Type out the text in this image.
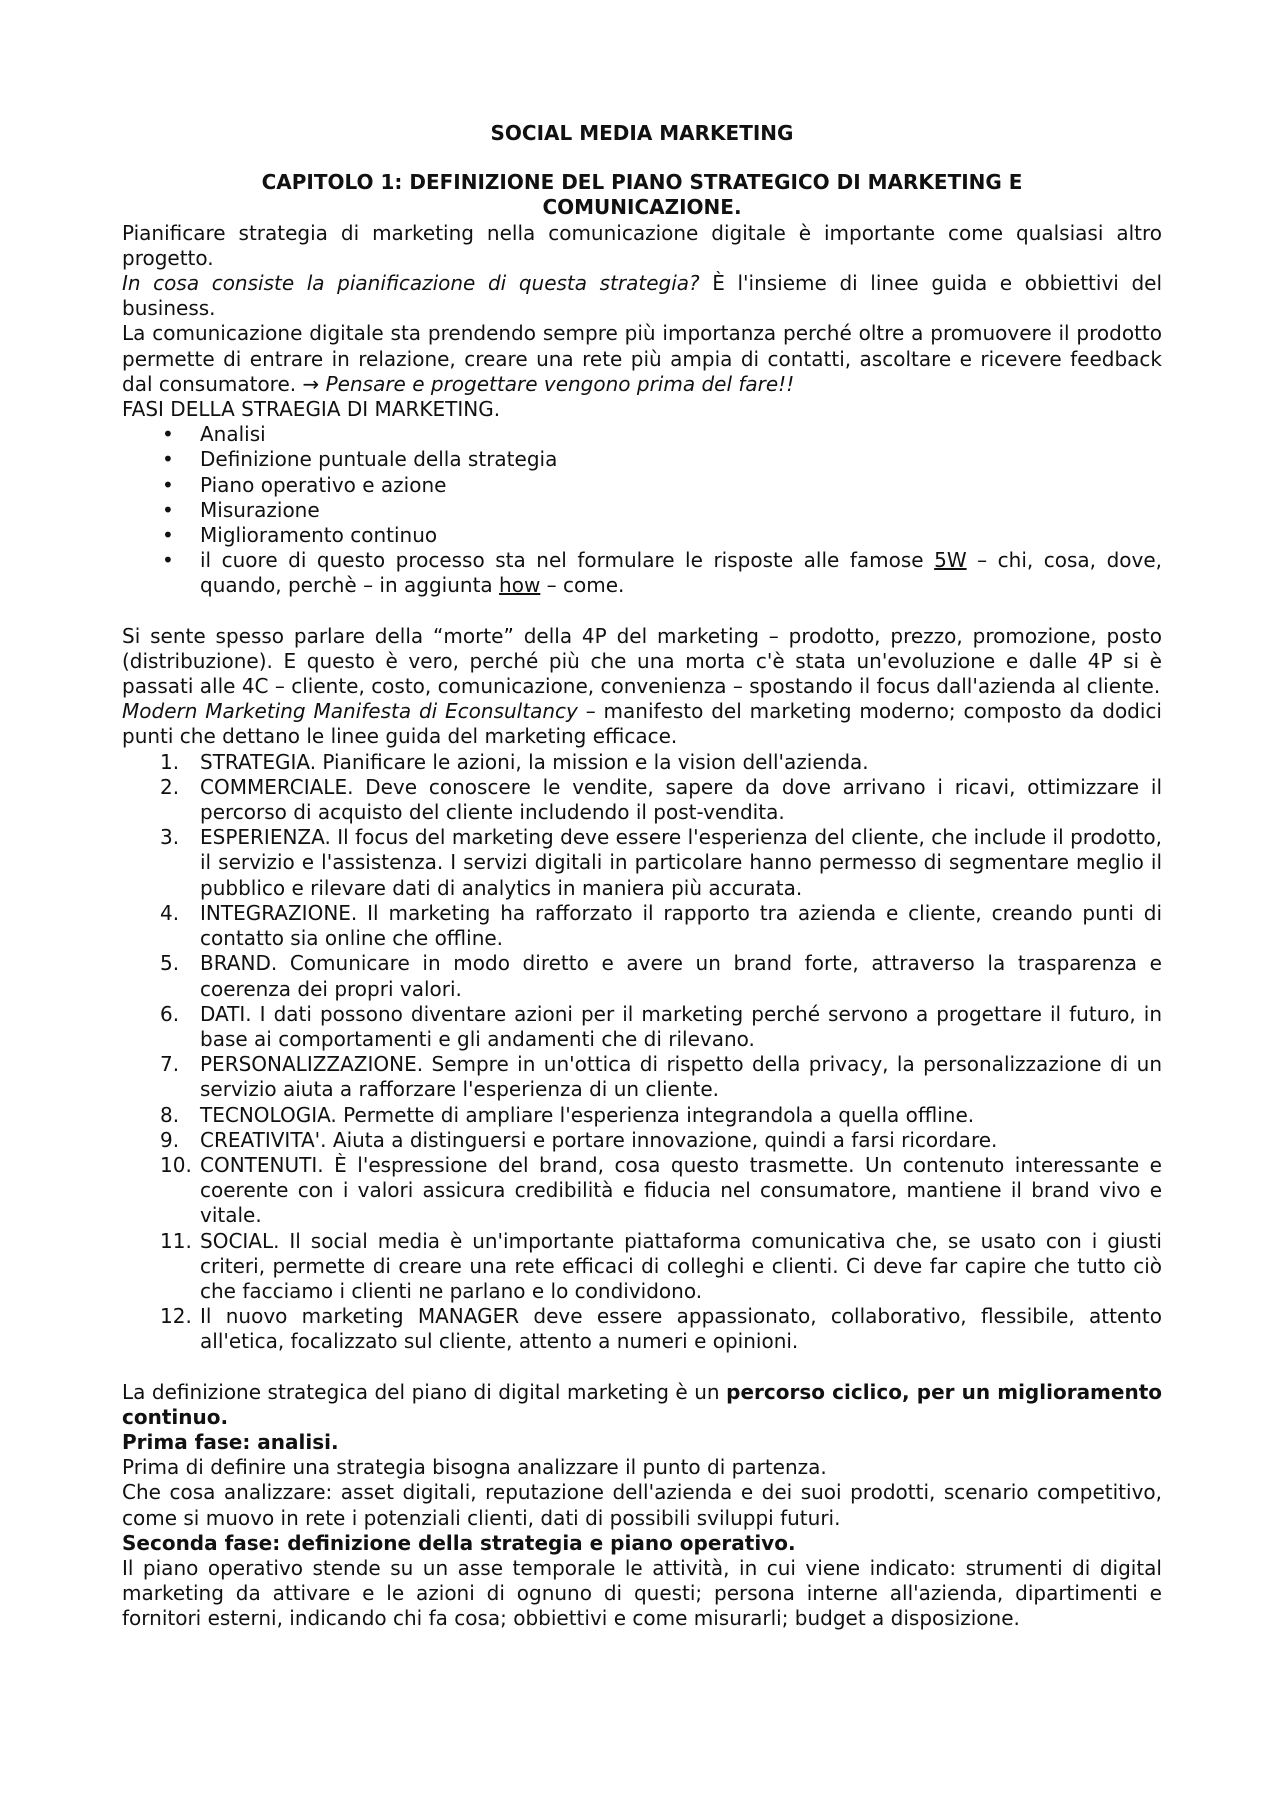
SOCIAL MEDIA MARKETING
CAPITOLO 1: DEFINIZIONE DEL PIANO STRATEGICO DI MARKETING E COMUNICAZIONE.

Pianificare strategia di marketing nella comunicazione digitale è importante come qualsiasi altro progetto.

In cosa consiste la pianificazione di questa strategia? È l'insieme di linee guida e obbiettivi del business.

La comunicazione digitale sta prendendo sempre più importanza perché oltre a promuovere il prodotto permette di entrare in relazione, creare una rete più ampia di contatti, ascoltare e ricevere feedback dal consumatore. → Pensare e progettare vengono prima del fare!!

FASI DELLA STRAEGIA DI MARKETING.

• Analisi
• Definizione puntuale della strategia
• Piano operativo e azione
• Misurazione
• Miglioramento continuo
• il cuore di questo processo sta nel formulare le risposte alle famose 5W – chi, cosa, dove, quando, perchè – in aggiunta how – come.

Si sente spesso parlare della “morte” della 4P del marketing – prodotto, prezzo, promozione, posto (distribuzione). E questo è vero, perché più che una morta c'è stata un'evoluzione e dalle 4P si è passati alle 4C – cliente, costo, comunicazione, convenienza – spostando il focus dall'azienda al cliente.

Modern Marketing Manifesta di Econsultancy – manifesto del marketing moderno; composto da dodici punti che dettano le linee guida del marketing efficace.

1. STRATEGIA. Pianificare le azioni, la mission e la vision dell'azienda.
2. COMMERCIALE. Deve conoscere le vendite, sapere da dove arrivano i ricavi, ottimizzare il percorso di acquisto del cliente includendo il post-vendita.
3. ESPERIENZA. Il focus del marketing deve essere l'esperienza del cliente, che include il prodotto, il servizio e l'assistenza. I servizi digitali in particolare hanno permesso di segmentare meglio il pubblico e rilevare dati di analytics in maniera più accurata.
4. INTEGRAZIONE. Il marketing ha rafforzato il rapporto tra azienda e cliente, creando punti di contatto sia online che offline.
5. BRAND. Comunicare in modo diretto e avere un brand forte, attraverso la trasparenza e coerenza dei propri valori.
6. DATI. I dati possono diventare azioni per il marketing perché servono a progettare il futuro, in base ai comportamenti e gli andamenti che di rilevano.
7. PERSONALIZZAZIONE. Sempre in un'ottica di rispetto della privacy, la personalizzazione di un servizio aiuta a rafforzare l'esperienza di un cliente.
8. TECNOLOGIA. Permette di ampliare l'esperienza integrandola a quella offline.
9. CREATIVITA'. Aiuta a distinguersi e portare innovazione, quindi a farsi ricordare.
10. CONTENUTI. È l'espressione del brand, cosa questo trasmette. Un contenuto interessante e coerente con i valori assicura credibilità e fiducia nel consumatore, mantiene il brand vivo e vitale.
11. SOCIAL. Il social media è un'importante piattaforma comunicativa che, se usato con i giusti criteri, permette di creare una rete efficaci di colleghi e clienti. Ci deve far capire che tutto ciò che facciamo i clienti ne parlano e lo condividono.
12. Il nuovo marketing MANAGER deve essere appassionato, collaborativo, flessibile, attento all'etica, focalizzato sul cliente, attento a numeri e opinioni.

La definizione strategica del piano di digital marketing è un percorso ciclico, per un miglioramento continuo.

Prima fase: analisi.

Prima di definire una strategia bisogna analizzare il punto di partenza.

Che cosa analizzare: asset digitali, reputazione dell'azienda e dei suoi prodotti, scenario competitivo, come si muovo in rete i potenziali clienti, dati di possibili sviluppi futuri.

Seconda fase: definizione della strategia e piano operativo.

Il piano operativo stende su un asse temporale le attività, in cui viene indicato: strumenti di digital marketing da attivare e le azioni di ognuno di questi; persona interne all'azienda, dipartimenti e fornitori esterni, indicando chi fa cosa; obbiettivi e come misurarli; budget a disposizione.
